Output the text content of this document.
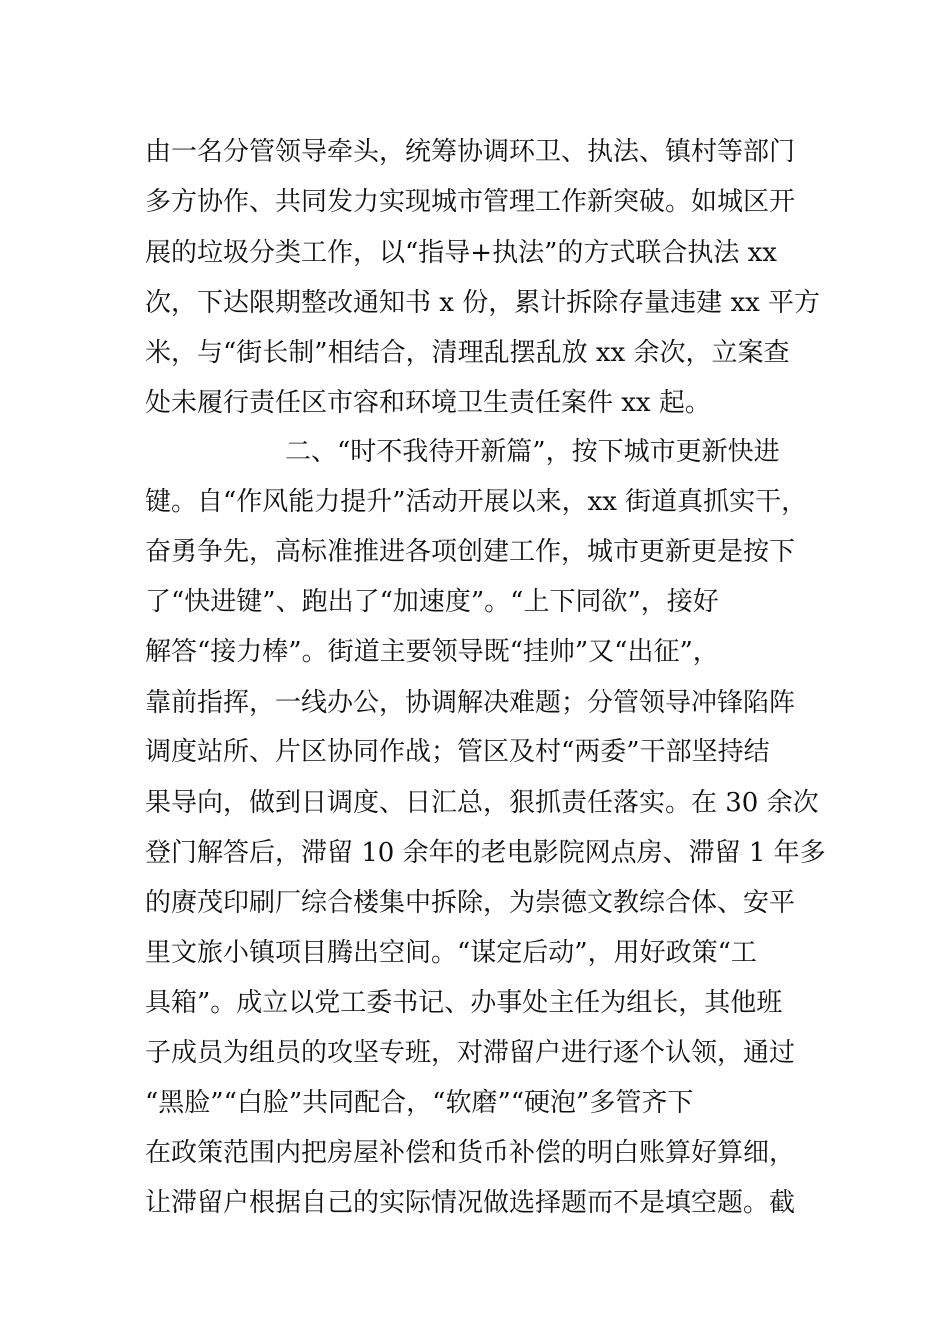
由一名分管领导牵头，统筹协调环卫、执法、镇村等部门
多方协作、共同发力实现城市管理工作新突破。如城区开
展的垃圾分类工作，以“指导+执法”的方式联合执法 xx
次，下达限期整改通知书 x 份，累计拆除存量违建 xx 平方
米，与“街长制”相结合，清理乱摆乱放 xx 余次，立案查
处未履行责任区市容和环境卫生责任案件 xx 起。
二、“时不我待开新篇”，按下城市更新快进
键。自“作风能力提升”活动开展以来，xx 街道真抓实干，
奋勇争先，高标准推进各项创建工作，城市更新更是按下
了“快进键”、跑出了“加速度”。“上下同欲”，接好
解答“接力棒”。街道主要领导既“挂帅”又“出征”，
靠前指挥，一线办公，协调解决难题；分管领导冲锋陷阵
调度站所、片区协同作战；管区及村“两委”干部坚持结
果导向，做到日调度、日汇总，狠抓责任落实。在 30 余次
登门解答后，滞留 10 余年的老电影院网点房、滞留 1 年多
的赓茂印刷厂综合楼集中拆除，为崇德文教综合体、安平
里文旅小镇项目腾出空间。“谋定后动”，用好政策“工
具箱”。成立以党工委书记、办事处主任为组长，其他班
子成员为组员的攻坚专班，对滞留户进行逐个认领，通过
“黑脸”“白脸”共同配合，“软磨”“硬泡”多管齐下
在政策范围内把房屋补偿和货币补偿的明白账算好算细，
让滞留户根据自己的实际情况做选择题而不是填空题。截
